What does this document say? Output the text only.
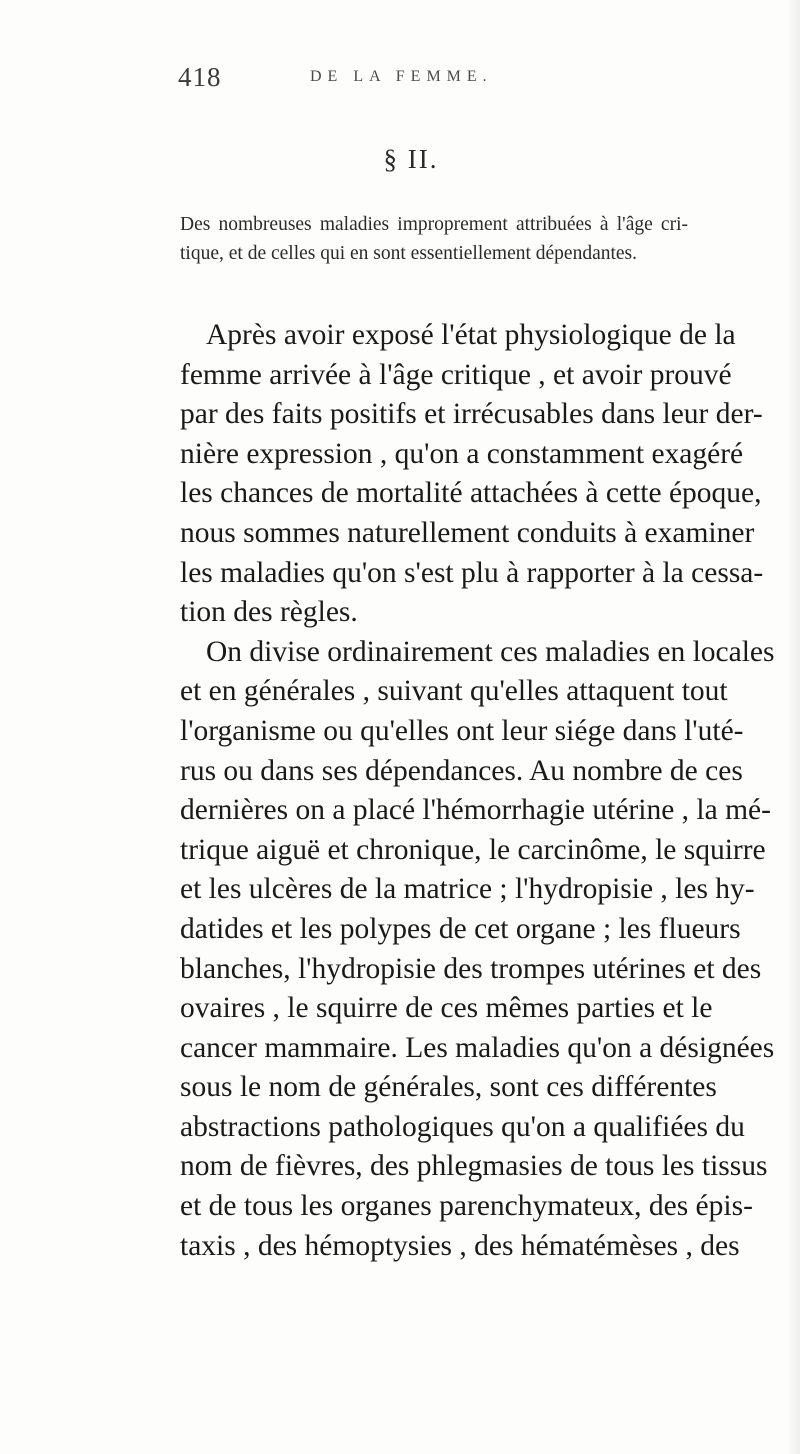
418	DE LA FEMME.
§ II.
Des nombreuses maladies improprement attribuées à l'âge cri-
tique, et de celles qui en sont essentiellement dépendantes.
Après avoir exposé l'état physiologique de la
femme arrivée à l'âge critique , et avoir prouvé
par des faits positifs et irrécusables dans leur der-
nière expression , qu'on a constamment exagéré
les chances de mortalité attachées à cette époque,
nous sommes naturellement conduits à examiner
les maladies qu'on s'est plu à rapporter à la cessa-
tion des règles.
On divise ordinairement ces maladies en locales
et en générales , suivant qu'elles attaquent tout
l'organisme ou qu'elles ont leur siége dans l'uté-
rus ou dans ses dépendances. Au nombre de ces
dernières on a placé l'hémorrhagie utérine , la mé-
trique aiguë et chronique, le carcinôme, le squirre
et les ulcères de la matrice ; l'hydropisie , les hy-
datides et les polypes de cet organe ; les flueurs
blanches, l'hydropisie des trompes utérines et des
ovaires , le squirre de ces mêmes parties et le
cancer mammaire. Les maladies qu'on a désignées
sous le nom de générales, sont ces différentes
abstractions pathologiques qu'on a qualifiées du
nom de fièvres, des phlegmasies de tous les tissus
et de tous les organes parenchymateux, des épis-
taxis , des hémoptysies , des hématémèses , des
